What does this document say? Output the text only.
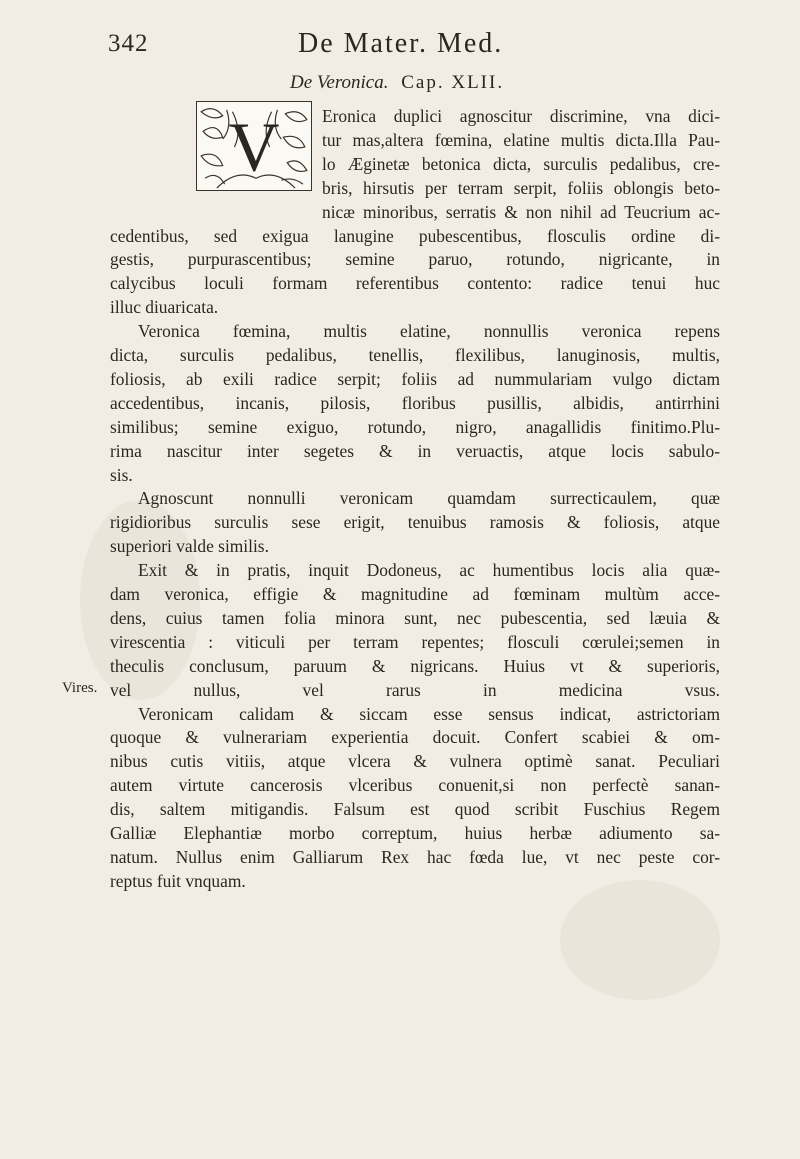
342	De Mater. Med.
De Veronica. Cap. XLII.
V	Eronica duplici agnoscitur discrimine, vna dici-
tur mas,altera fœmina, elatine multis dicta.Illa Pau-
lo Æginetæ betonica dicta, surculis pedalibus, cre-
bris, hirsutis per terram serpit, foliis oblongis beto-
nicæ minoribus, serratis & non nihil ad Teucrium ac-
cedentibus, sed exigua lanugine pubescentibus, flosculis ordine di-
gestis, purpurascentibus; semine paruo, rotundo, nigricante, in
calycibus loculi formam referentibus contento: radice tenui huc
illuc diuaricata.
Veronica fœmina, multis elatine, nonnullis veronica repens
dicta, surculis pedalibus, tenellis, flexilibus, lanuginosis, multis,
foliosis, ab exili radice serpit; foliis ad nummulariam vulgo dictam
accedentibus, incanis, pilosis, floribus pusillis, albidis, antirrhini
similibus; semine exiguo, rotundo, nigro, anagallidis finitimo.Plu-
rima nascitur inter segetes & in veruactis, atque locis sabulo-
sis.
Agnoscunt nonnulli veronicam quamdam surrecticaulem, quæ
rigidioribus surculis sese erigit, tenuibus ramosis & foliosis, atque
superiori valde similis.
Exit & in pratis, inquit Dodoneus, ac humentibus locis alia quæ-
dam veronica, effigie & magnitudine ad fœminam multùm acce-
dens, cuius tamen folia minora sunt, nec pubescentia, sed læuia &
virescentia : viticuli per terram repentes; flosculi cœrulei;semen in
theculis conclusum, paruum & nigricans. Huius vt & superioris,
vel nullus, vel rarus in medicina vsus.
Veronicam calidam & siccam esse sensus indicat, astrictoriam
quoque & vulnerariam experientia docuit. Confert scabiei & om-
nibus cutis vitiis, atque vlcera & vulnera optimè sanat. Peculiari
autem virtute cancerosis vlceribus conuenit,si non perfectè sanan-
dis, saltem mitigandis. Falsum est quod scribit Fuschius Regem
Galliæ Elephantiæ morbo correptum, huius herbæ adiumento sa-
natum. Nullus enim Galliarum Rex hac fœda lue, vt nec peste cor-
reptus fuit vnquam.
Vires.
